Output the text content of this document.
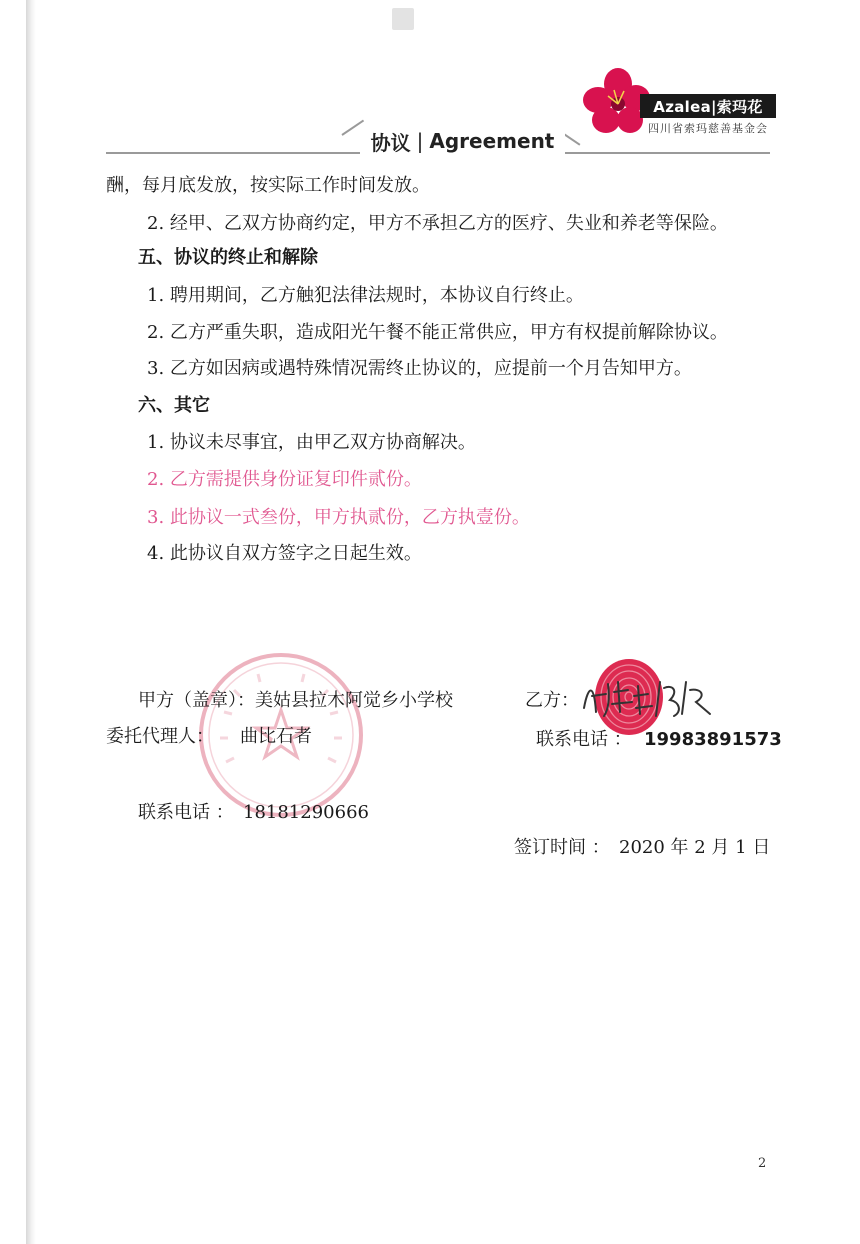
协议 | Agreement
Azalea|索玛花
四川省索玛慈善基金会
酬，每月底发放，按实际工作时间发放。
2. 经甲、乙双方协商约定，甲方不承担乙方的医疗、失业和养老等保险。
五、协议的终止和解除
1. 聘用期间，乙方触犯法律法规时，本协议自行终止。
2. 乙方严重失职，造成阳光午餐不能正常供应，甲方有权提前解除协议。
3. 乙方如因病或遇特殊情况需终止协议的，应提前一个月告知甲方。
六、其它
1. 协议未尽事宜，由甲乙双方协商解决。
2. 乙方需提供身份证复印件贰份。
3. 此协议一式叁份，甲方执贰份，乙方执壹份。
4. 此协议自双方签字之日起生效。
甲方（盖章）：美姑县拉木阿觉乡小学校
委托代理人： 曲比石者
联系电话 ： 18181290666
乙方：
联系电话 ： 19983891573
签订时间 ： 2020 年 2 月 1 日
2
